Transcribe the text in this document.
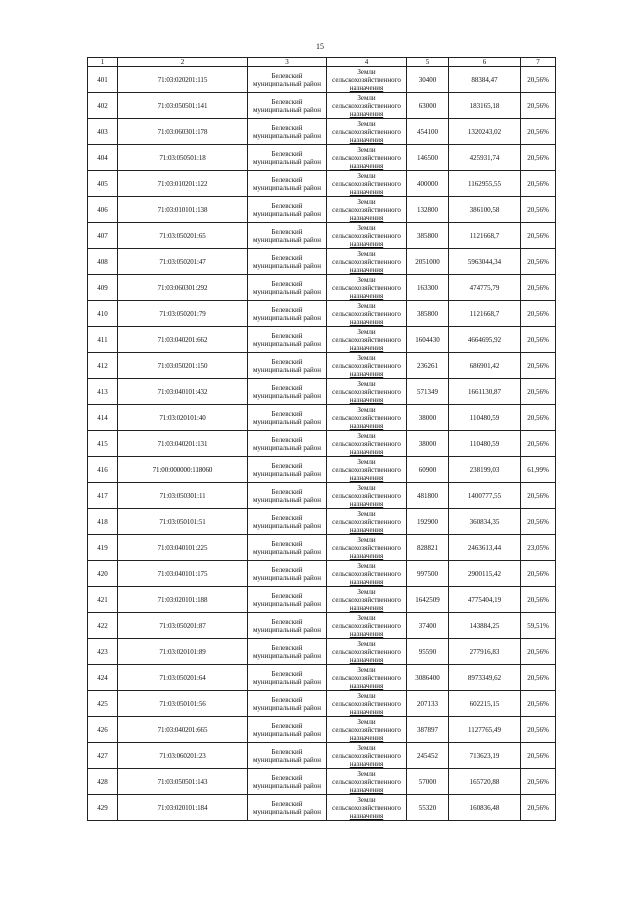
15
1	2	3	4	5	6	7
401	71:03:020201:115	Белевский
муниципальный район	Земли
сельскохозяйственного
назначения	30400	88384,47	20,56%
402	71:03:050501:141	Белевский
муниципальный район	Земли
сельскохозяйственного
назначения	63000	183165,18	20,56%
403	71:03:060301:178	Белевский
муниципальный район	Земли
сельскохозяйственного
назначения	454100	1320243,02	20,56%
404	71:03:050501:18	Белевский
муниципальный район	Земли
сельскохозяйственного
назначения	146500	425931,74	20,56%
405	71:03:010201:122	Белевский
муниципальный район	Земли
сельскохозяйственного
назначения	400000	1162955,55	20,56%
406	71:03:010101:138	Белевский
муниципальный район	Земли
сельскохозяйственного
назначения	132800	386100,58	20,56%
407	71:03:050201:65	Белевский
муниципальный район	Земли
сельскохозяйственного
назначения	385800	1121668,7	20,56%
408	71:03:050201:47	Белевский
муниципальный район	Земли
сельскохозяйственного
назначения	2051000	5963044,34	20,56%
409	71:03:060301:292	Белевский
муниципальный район	Земли
сельскохозяйственного
назначения	163300	474775,79	20,56%
410	71:03:050201:79	Белевский
муниципальный район	Земли
сельскохозяйственного
назначения	385800	1121668,7	20,56%
411	71:03:040201:662	Белевский
муниципальный район	Земли
сельскохозяйственного
назначения	1604430	4664695,92	20,56%
412	71:03:050201:150	Белевский
муниципальный район	Земли
сельскохозяйственного
назначения	236261	686901,42	20,56%
413	71:03:040101:432	Белевский
муниципальный район	Земли
сельскохозяйственного
назначения	571349	1661130,87	20,56%
414	71:03:020101:40	Белевский
муниципальный район	Земли
сельскохозяйственного
назначения	38000	110480,59	20,56%
415	71:03:040201:131	Белевский
муниципальный район	Земли
сельскохозяйственного
назначения	38000	110480,59	20,56%
416	71:00:000000:118060	Белевский
муниципальный район	Земли
сельскохозяйственного
назначения	60900	238199,03	61,99%
417	71:03:050301:11	Белевский
муниципальный район	Земли
сельскохозяйственного
назначения	481800	1400777,55	20,56%
418	71:03:050101:51	Белевский
муниципальный район	Земли
сельскохозяйственного
назначения	192900	360834,35	20,56%
419	71:03:040101:225	Белевский
муниципальный район	Земли
сельскохозяйственного
назначения	828821	2463613,44	23,05%
420	71:03:040101:175	Белевский
муниципальный район	Земли
сельскохозяйственного
назначения	997500	2900115,42	20,56%
421	71:03:020101:188	Белевский
муниципальный район	Земли
сельскохозяйственного
назначения	1642509	4775404,19	20,56%
422	71:03:050201:87	Белевский
муниципальный район	Земли
сельскохозяйственного
назначения	37400	143884,25	59,51%
423	71:03:020101:89	Белевский
муниципальный район	Земли
сельскохозяйственного
назначения	95590	277916,83	20,56%
424	71:03:050201:64	Белевский
муниципальный район	Земли
сельскохозяйственного
назначения	3086400	8973349,62	20,56%
425	71:03:050101:56	Белевский
муниципальный район	Земли
сельскохозяйственного
назначения	207133	602215,15	20,56%
426	71:03:040201:665	Белевский
муниципальный район	Земли
сельскохозяйственного
назначения	387897	1127765,49	20,56%
427	71:03:060201:23	Белевский
муниципальный район	Земли
сельскохозяйственного
назначения	245452	713623,19	20,56%
428	71:03:050501:143	Белевский
муниципальный район	Земли
сельскохозяйственного
назначения	57000	165720,88	20,56%
429	71:03:020101:184	Белевский
муниципальный район	Земли
сельскохозяйственного
назначения	55320	160836,48	20,56%
